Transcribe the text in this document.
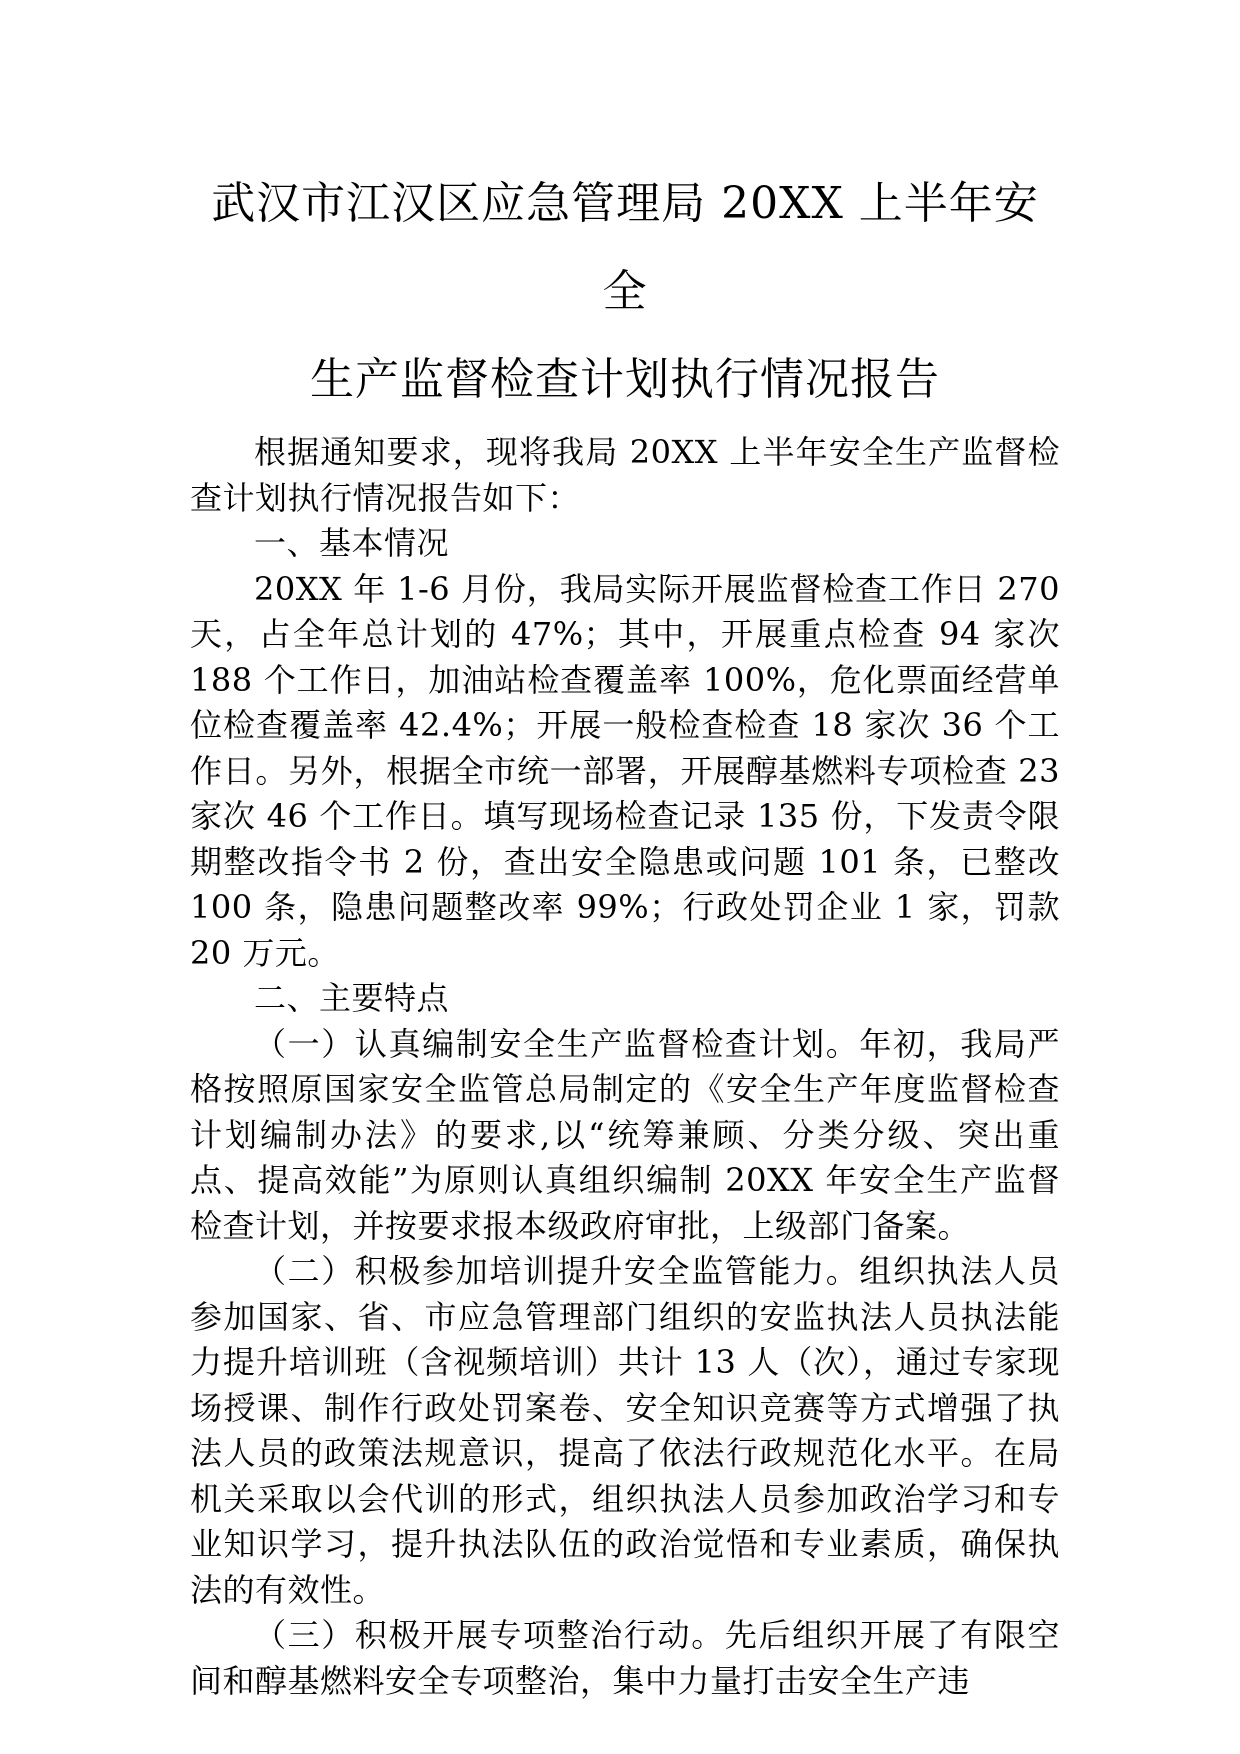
武汉市江汉区应急管理局 20XX 上半年安全
生产监督检查计划执行情况报告

根据通知要求，现将我局 20XX 上半年安全生产监督检查计划执行情况报告如下：

一、基本情况

20XX 年 1-6 月份，我局实际开展监督检查工作日 270 天，占全年总计划的 47%；其中，开展重点检查 94 家次 188 个工作日，加油站检查覆盖率 100%，危化票面经营单位检查覆盖率 42.4%；开展一般检查检查 18 家次 36 个工作日。另外，根据全市统一部署，开展醇基燃料专项检查 23 家次 46 个工作日。填写现场检查记录 135 份，下发责令限期整改指令书 2 份，查出安全隐患或问题 101 条，已整改 100 条，隐患问题整改率 99%；行政处罚企业 1 家，罚款 20 万元。

二、主要特点

（一）认真编制安全生产监督检查计划。年初，我局严格按照原国家安全监管总局制定的《安全生产年度监督检查计划编制办法》的要求,以“统筹兼顾、分类分级、突出重点、提高效能”为原则认真组织编制 20XX 年安全生产监督检查计划，并按要求报本级政府审批，上级部门备案。

（二）积极参加培训提升安全监管能力。组织执法人员参加国家、省、市应急管理部门组织的安监执法人员执法能力提升培训班（含视频培训）共计 13 人（次），通过专家现场授课、制作行政处罚案卷、安全知识竞赛等方式增强了执法人员的政策法规意识，提高了依法行政规范化水平。在局机关采取以会代训的形式，组织执法人员参加政治学习和专业知识学习，提升执法队伍的政治觉悟和专业素质，确保执法的有效性。

（三）积极开展专项整治行动。先后组织开展了有限空间和醇基燃料安全专项整治，集中力量打击安全生产违
